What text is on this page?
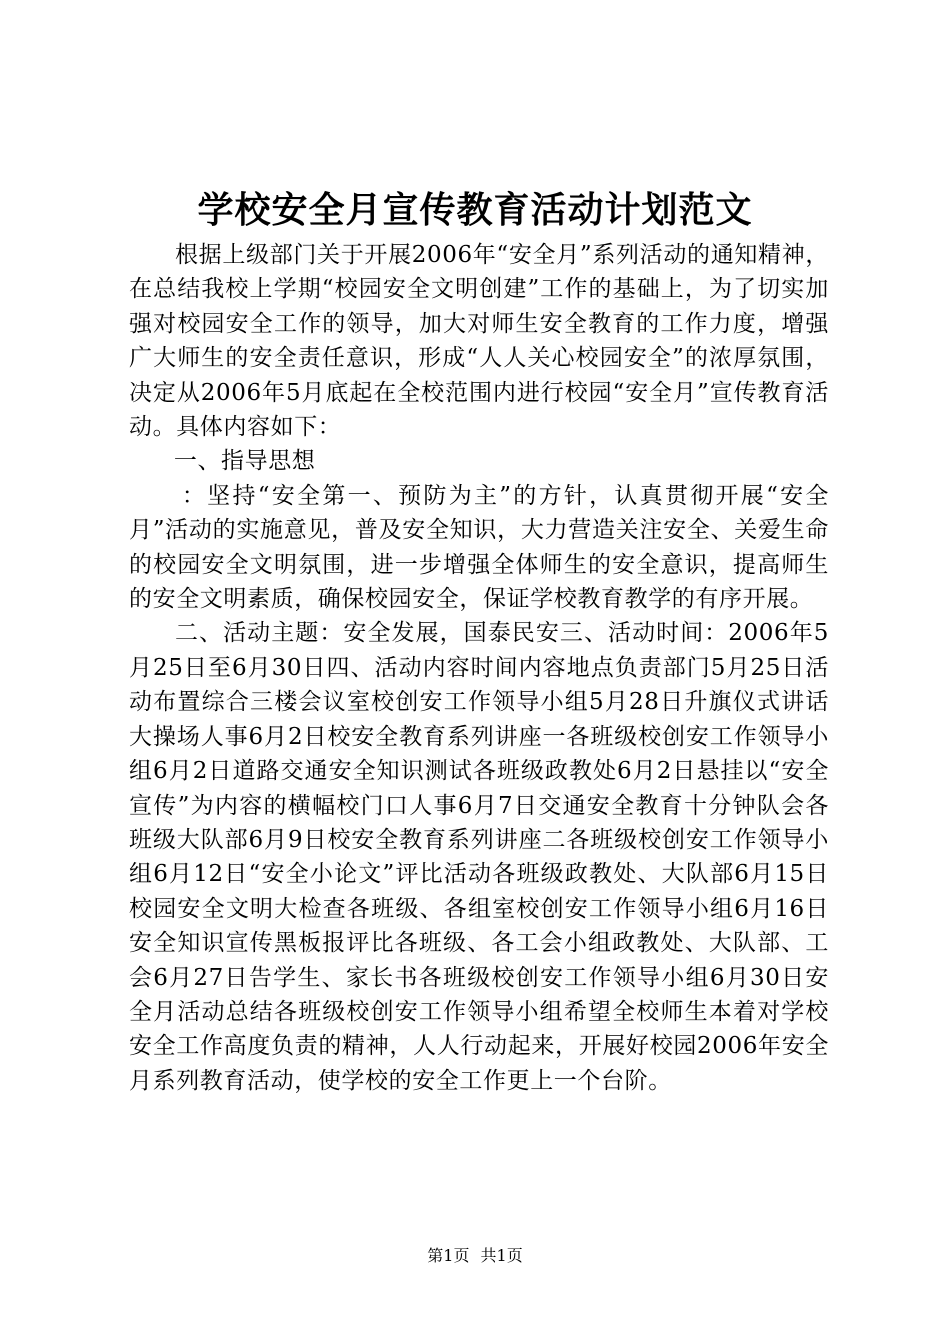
学校安全月宣传教育活动计划范文

根据上级部门关于开展2006年“安全月”系列活动的通知精神，在总结我校上学期“校园安全文明创建”工作的基础上，为了切实加强对校园安全工作的领导，加大对师生安全教育的工作力度，增强广大师生的安全责任意识，形成“人人关心校园安全”的浓厚氛围，决定从2006年5月底起在全校范围内进行校园“安全月”宣传教育活动。具体内容如下：

一、指导思想

：坚持“安全第一、预防为主”的方针，认真贯彻开展“安全月”活动的实施意见，普及安全知识，大力营造关注安全、关爱生命的校园安全文明氛围，进一步增强全体师生的安全意识，提高师生的安全文明素质，确保校园安全，保证学校教育教学的有序开展。

二、活动主题：安全发展，国泰民安三、活动时间：2006年5月25日至6月30日四、活动内容时间内容地点负责部门5月25日活动布置综合三楼会议室校创安工作领导小组5月28日升旗仪式讲话大操场人事6月2日校安全教育系列讲座一各班级校创安工作领导小组6月2日道路交通安全知识测试各班级政教处6月2日悬挂以“安全宣传”为内容的横幅校门口人事6月7日交通安全教育十分钟队会各班级大队部6月9日校安全教育系列讲座二各班级校创安工作领导小组6月12日“安全小论文”评比活动各班级政教处、大队部6月15日校园安全文明大检查各班级、各组室校创安工作领导小组6月16日安全知识宣传黑板报评比各班级、各工会小组政教处、大队部、工会6月27日告学生、家长书各班级校创安工作领导小组6月30日安全月活动总结各班级校创安工作领导小组希望全校师生本着对学校安全工作高度负责的精神，人人行动起来，开展好校园2006年安全月系列教育活动，使学校的安全工作更上一个台阶。

第1页 共1页
